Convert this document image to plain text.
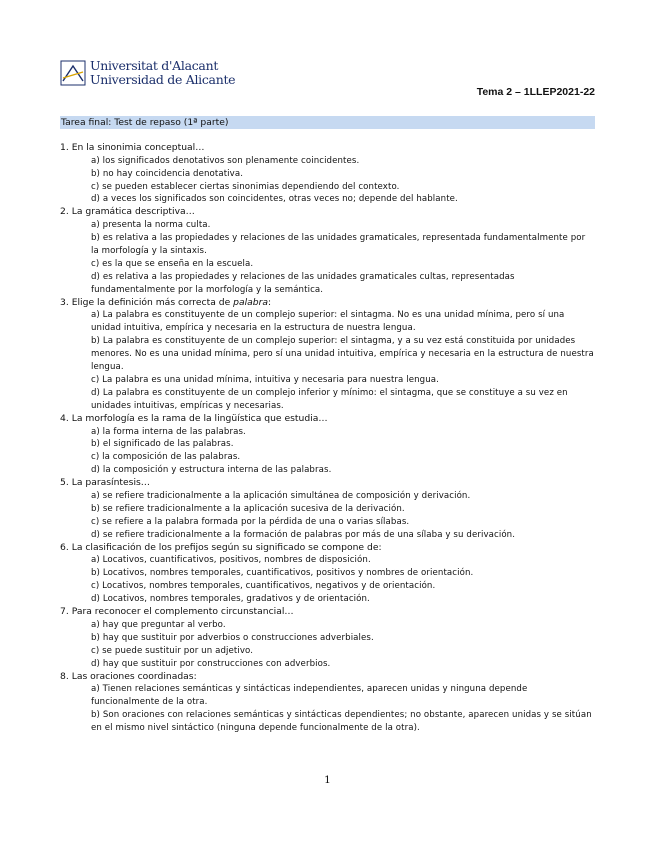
Universitat d'Alacant
Universidad de Alicante
Tema 2 – 1LLEP2021-22
Tarea final: Test de repaso (1ª parte)
1. En la sinonimia conceptual…
a) los significados denotativos son plenamente coincidentes.
b) no hay coincidencia denotativa.
c) se pueden establecer ciertas sinonimias dependiendo del contexto.
d) a veces los significados son coincidentes, otras veces no; depende del hablante.
2. La gramática descriptiva…
a) presenta la norma culta.
b) es relativa a las propiedades y relaciones de las unidades gramaticales, representada fundamentalmente por la morfología y la sintaxis.
c) es la que se enseña en la escuela.
d) es relativa a las propiedades y relaciones de las unidades gramaticales cultas, representadas fundamentalmente por la morfología y la semántica.
3. Elige la definición más correcta de palabra:
a) La palabra es constituyente de un complejo superior: el sintagma. No es una unidad mínima, pero sí una unidad intuitiva, empírica y necesaria en la estructura de nuestra lengua.
b) La palabra es constituyente de un complejo superior: el sintagma, y a su vez está constituida por unidades menores. No es una unidad mínima, pero sí una unidad intuitiva, empírica y necesaria en la estructura de nuestra lengua.
c) La palabra es una unidad mínima, intuitiva y necesaria para nuestra lengua.
d) La palabra es constituyente de un complejo inferior y mínimo: el sintagma, que se constituye a su vez en unidades intuitivas, empíricas y necesarias.
4. La morfología es la rama de la lingüística que estudia…
a) la forma interna de las palabras.
b) el significado de las palabras.
c) la composición de las palabras.
d) la composición y estructura interna de las palabras.
5. La parasíntesis…
a) se refiere tradicionalmente a la aplicación simultánea de composición y derivación.
b) se refiere tradicionalmente a la aplicación sucesiva de la derivación.
c) se refiere a la palabra formada por la pérdida de una o varias sílabas.
d) se refiere tradicionalmente a la formación de palabras por más de una sílaba y su derivación.
6. La clasificación de los prefijos según su significado se compone de:
a) Locativos, cuantificativos, positivos, nombres de disposición.
b) Locativos, nombres temporales, cuantificativos, positivos y nombres de orientación.
c) Locativos, nombres temporales, cuantificativos, negativos y de orientación.
d) Locativos, nombres temporales, gradativos y de orientación.
7. Para reconocer el complemento circunstancial…
a) hay que preguntar al verbo.
b) hay que sustituir por adverbios o construcciones adverbiales.
c) se puede sustituir por un adjetivo.
d) hay que sustituir por construcciones con adverbios.
8. Las oraciones coordinadas:
a) Tienen relaciones semánticas y sintácticas independientes, aparecen unidas y ninguna depende funcionalmente de la otra.
b) Son oraciones con relaciones semánticas y sintácticas dependientes; no obstante, aparecen unidas y se sitúan en el mismo nivel sintáctico (ninguna depende funcionalmente de la otra).
1
